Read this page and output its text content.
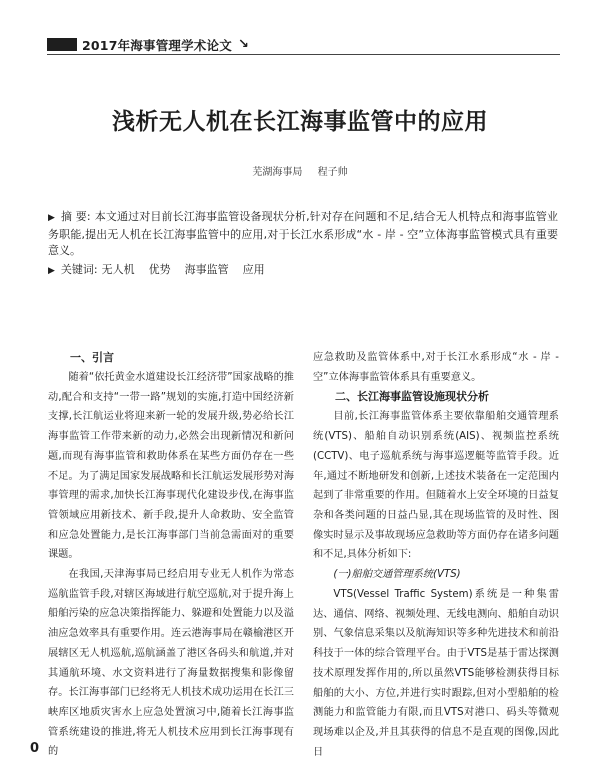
2017年海事管理学术论文 ↘
浅析无人机在长江海事监管中的应用
芜湖海事局 程子帅
▶ 摘 要: 本文通过对目前长江海事监管设备现状分析,针对存在问题和不足,结合无人机特点和海事监管业务职能,提出无人机在长江海事监管中的应用,对于长江水系形成“水 - 岸 - 空”立体海事监管模式具有重要意义。
▶ 关键词: 无人机 优势 海事监管 应用
一、引言

随着“依托黄金水道建设长江经济带”国家战略的推动,配合和支持“一带一路”规划的实施,打造中国经济新支撑,长江航运业将迎来新一轮的发展升级,势必给长江海事监管工作带来新的动力,必然会出现新情况和新问题,而现有海事监管和救助体系在某些方面仍存在一些不足。为了满足国家发展战略和长江航运发展形势对海事管理的需求,加快长江海事现代化建设步伐,在海事监管领域应用新技术、新手段,提升人命救助、安全监管和应急处置能力,是长江海事部门当前急需面对的重要课题。

在我国,天津海事局已经启用专业无人机作为常态巡航监管手段,对辖区海域进行航空巡航,对于提升海上船舶污染的应急决策指挥能力、躲避和处置能力以及溢油应急效率具有重要作用。连云港海事局在赣榆港区开展辖区无人机巡航,巡航涵盖了港区各码头和航道,并对其通航环境、水文资料进行了海量数据搜集和影像留存。长江海事部门已经将无人机技术成功运用在长江三峡库区地质灾害水上应急处置演习中,随着长江海事监管系统建设的推进,将无人机技术应用到长江海事现有的

应急救助及监管体系中,对于长江水系形成“水 - 岸 - 空”立体海事监管体系具有重要意义。

二、长江海事监管设施现状分析

目前,长江海事监管体系主要依靠船舶交通管理系统(VTS)、船舶自动识别系统(AIS)、视频监控系统(CCTV)、电子巡航系统与海事巡逻艇等监管手段。近年,通过不断地研发和创新,上述技术装备在一定范围内起到了非常重要的作用。但随着水上安全环境的日益复杂和各类问题的日益凸显,其在现场监管的及时性、图像实时显示及事故现场应急救助等方面仍存在诸多问题和不足,具体分析如下:

(一)船舶交通管理系统(VTS)

VTS(Vessel Traffic System)系统是一种集雷达、通信、网络、视频处理、无线电测向、船舶自动识别、气象信息采集以及航海知识等多种先进技术和前沿科技于一体的综合管理平台。由于VTS是基于雷达探测技术原理发挥作用的,所以虽然VTS能够检测获得目标船舶的大小、方位,并进行实时跟踪,但对小型船舶的检测能力和监管能力有限,而且VTS对港口、码头等微观现场难以企及,并且其获得的信息不是直观的图像,因此日

0
